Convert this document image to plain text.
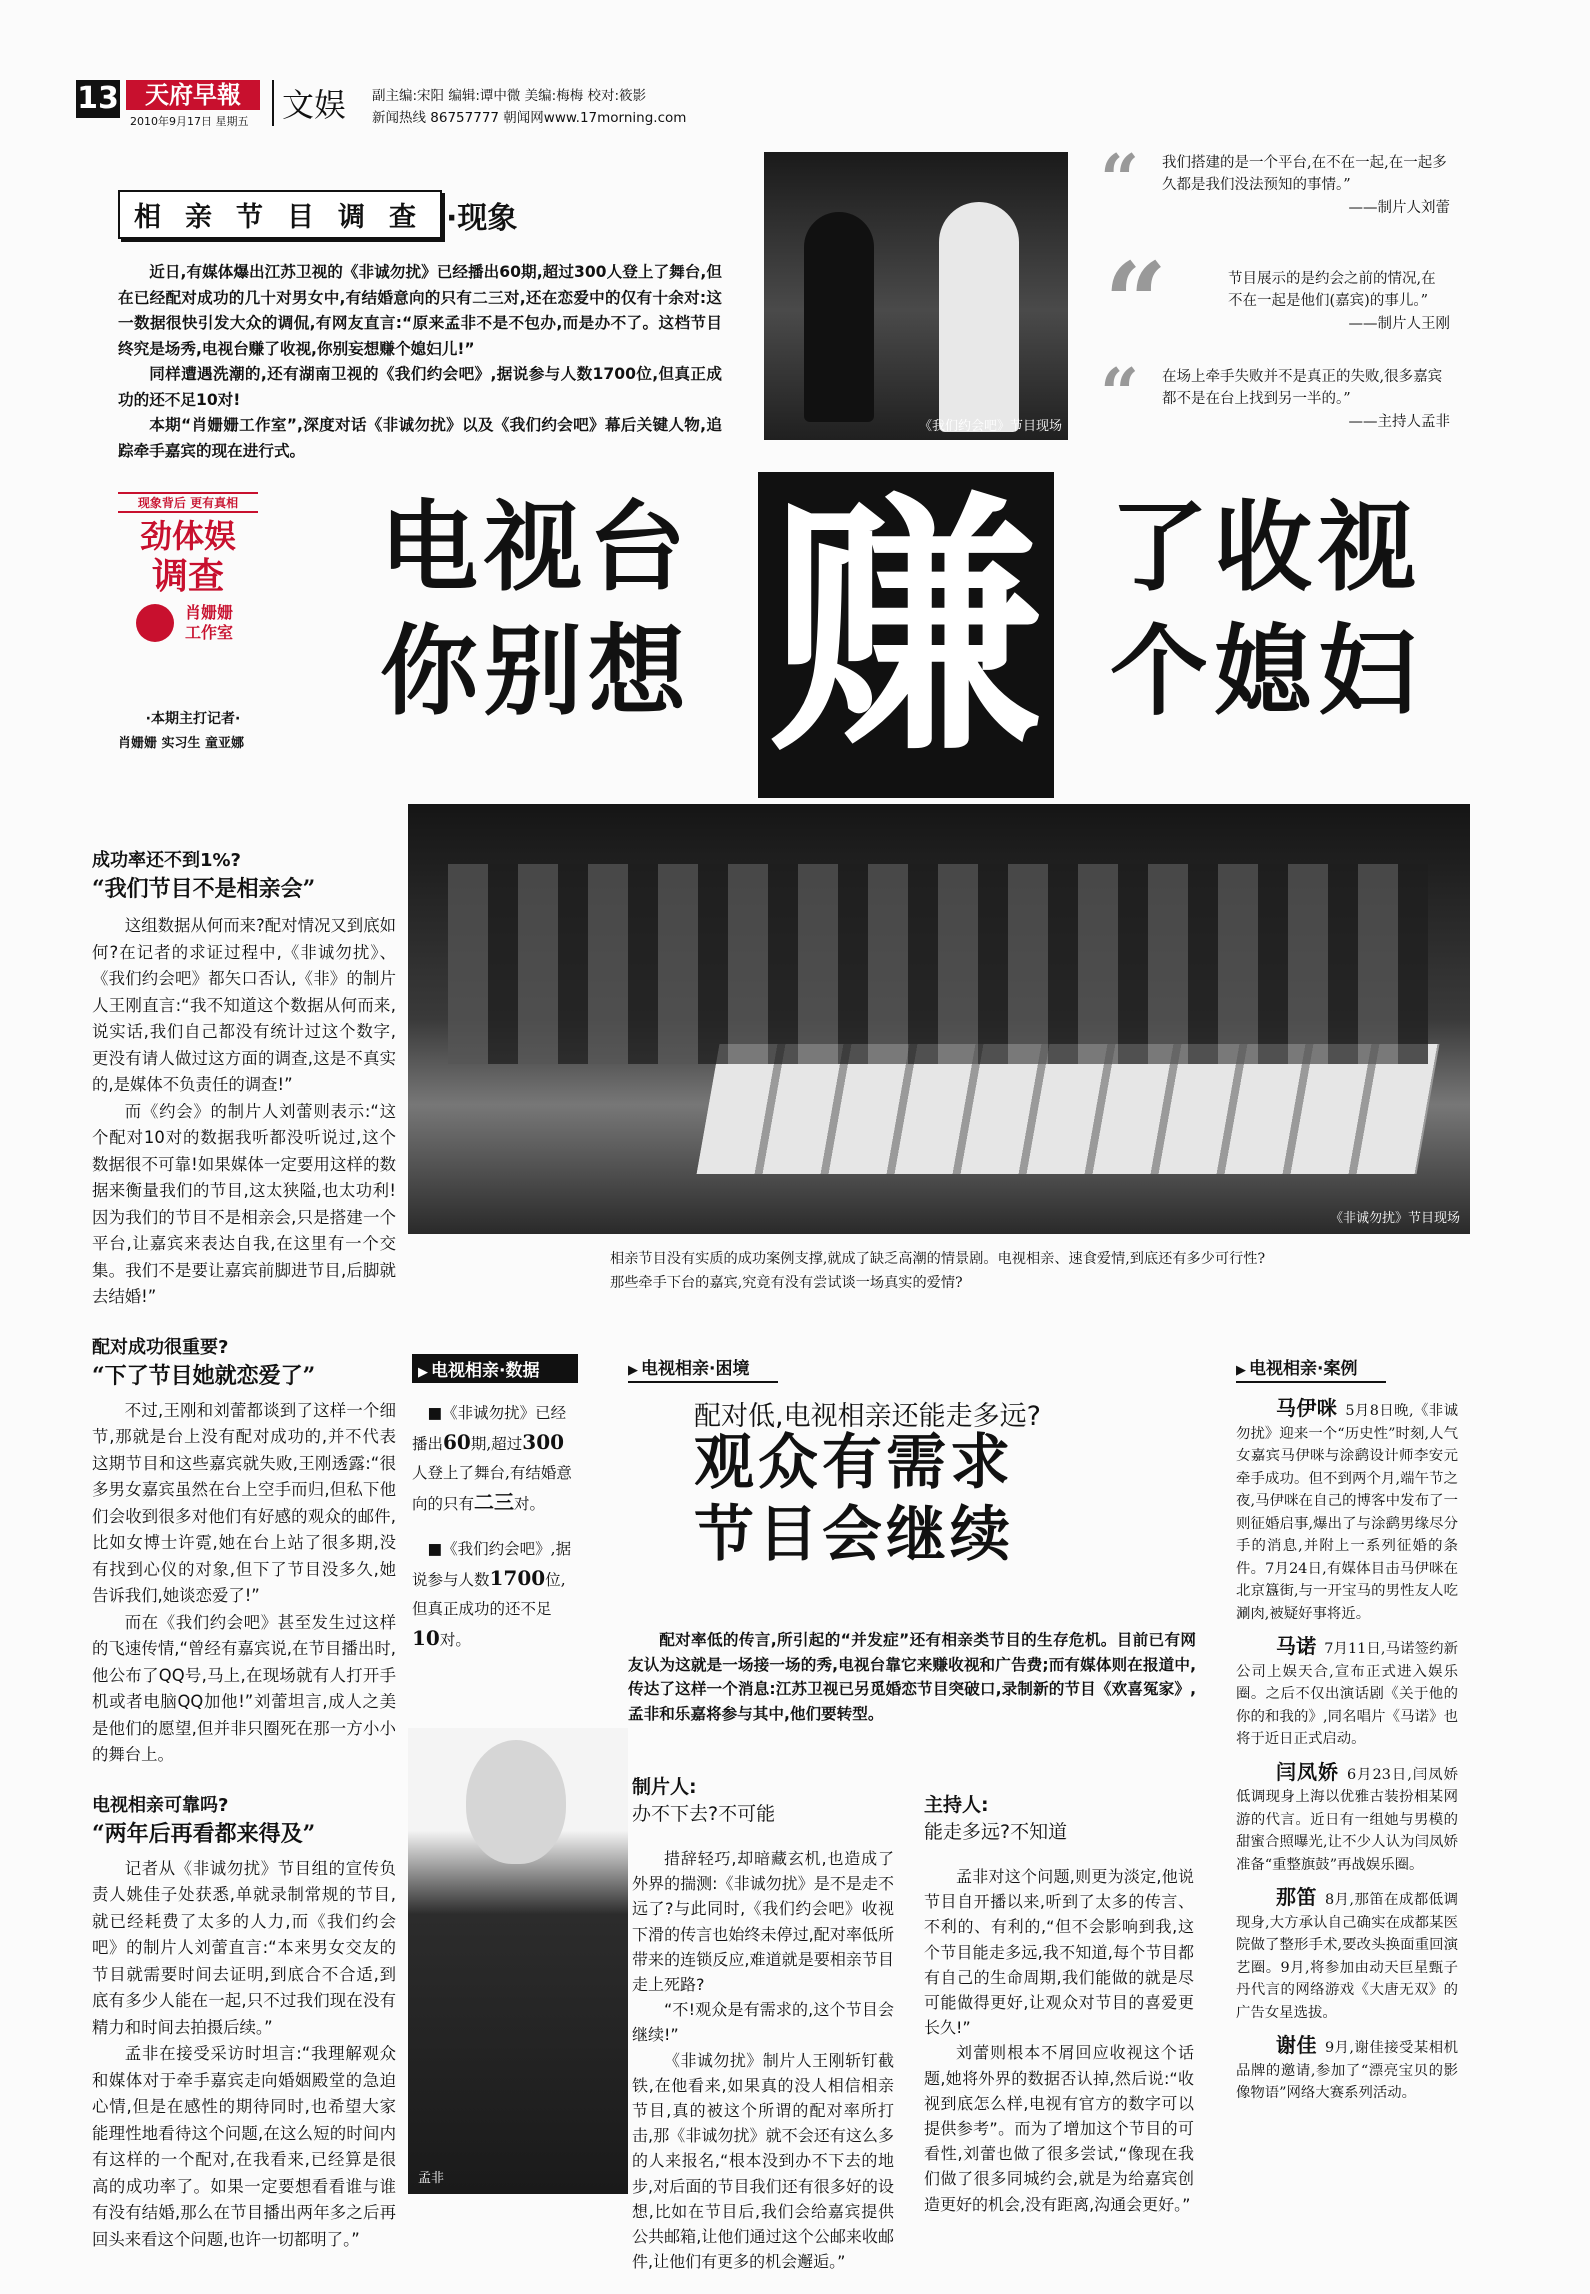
13	天府早報
2010年9月17日 星期五	文娱 副主编:宋阳 编辑:谭中微 美编:梅梅 校对:筱影
新闻热线 86757777 朝闻网www.17morning.com
相亲节目调查 ·现象

近日,有媒体爆出江苏卫视的《非诚勿扰》已经播出60期,超过300人登上了舞台,但在已经配对成功的几十对男女中,有结婚意向的只有二三对,还在恋爱中的仅有十余对:这一数据很快引发大众的调侃,有网友直言:“原来孟非不是不包办,而是办不了。这档节目终究是场秀,电视台赚了收视,你别妄想赚个媳妇儿!”

同样遭遇洗潮的,还有湖南卫视的《我们约会吧》,据说参与人数1700位,但真正成功的还不足10对!

本期“肖姗姗工作室”,深度对话《非诚勿扰》以及《我们约会吧》幕后关键人物,追踪牵手嘉宾的现在进行式。

《我们约会吧》节目现场
“ 我们搭建的是一个平台,在不在一起,在一起多久都是我们没法预知的事情。”
——制片人刘蕾
“	节目展示的是约会之前的情况,在不在一起是他们(嘉宾)的事儿。”
——制片人王刚
“ 在场上牵手失败并不是真正的失败,很多嘉宾都不是在台上找到另一半的。”
——主持人孟非
现象背后 更有真相
劲体娱
调查
肖姗姗工作室
·本期主打记者·
肖姗姗 实习生 童亚娜
电视台
你别想 赚 了收视
个媳妇
成功率还不到1%?
“我们节目不是相亲会”

这组数据从何而来?配对情况又到底如何?在记者的求证过程中,《非诚勿扰》、《我们约会吧》都矢口否认,《非》的制片人王刚直言:“我不知道这个数据从何而来,说实话,我们自己都没有统计过这个数字,更没有请人做过这方面的调查,这是不真实的,是媒体不负责任的调查!”

而《约会》的制片人刘蕾则表示:“这个配对10对的数据我听都没听说过,这个数据很不可靠!如果媒体一定要用这样的数据来衡量我们的节目,这太狭隘,也太功利!因为我们的节目不是相亲会,只是搭建一个平台,让嘉宾来表达自我,在这里有一个交集。我们不是要让嘉宾前脚进节目,后脚就去结婚!”

配对成功很重要?
“下了节目她就恋爱了”

不过,王刚和刘蕾都谈到了这样一个细节,那就是台上没有配对成功的,并不代表这期节目和这些嘉宾就失败,王刚透露:“很多男女嘉宾虽然在台上空手而归,但私下他们会收到很多对他们有好感的观众的邮件,比如女博士许霓,她在台上站了很多期,没有找到心仪的对象,但下了节目没多久,她告诉我们,她谈恋爱了!”

而在《我们约会吧》甚至发生过这样的飞速传情,“曾经有嘉宾说,在节目播出时,他公布了QQ号,马上,在现场就有人打开手机或者电脑QQ加他!”刘蕾坦言,成人之美是他们的愿望,但并非只圈死在那一方小小的舞台上。

电视相亲可靠吗?
“两年后再看都来得及”

记者从《非诚勿扰》节目组的宣传负责人姚佳子处获悉,单就录制常规的节目,就已经耗费了太多的人力,而《我们约会吧》的制片人刘蕾直言:“本来男女交友的节目就需要时间去证明,到底合不合适,到底有多少人能在一起,只不过我们现在没有精力和时间去拍摄后续。”

孟非在接受采访时坦言:“我理解观众和媒体对于牵手嘉宾走向婚姻殿堂的急迫心情,但是在感性的期待同时,也希望大家能理性地看待这个问题,在这么短的时间内有这样的一个配对,在我看来,已经算是很高的成功率了。如果一定要想看看谁与谁有没有结婚,那么在节目播出两年多之后再回头来看这个问题,也许一切都明了。”

《非诚勿扰》节目现场
相亲节目没有实质的成功案例支撑,就成了缺乏高潮的情景剧。电视相亲、速食爱情,到底还有多少可行性?那些牵手下台的嘉宾,究竟有没有尝试谈一场真实的爱情?
▶ 电视相亲·数据
■《非诚勿扰》已经播出60期,超过300人登上了舞台,有结婚意向的只有二三对。
■《我们约会吧》,据说参与人数1700位,但真正成功的还不足10对。
▶ 电视相亲·困境
配对低,电视相亲还能走多远?
观众有需求
节目会继续

配对率低的传言,所引起的“并发症”还有相亲类节目的生存危机。目前已有网友认为这就是一场接一场的秀,电视台靠它来赚收视和广告费;而有媒体则在报道中,传达了这样一个消息:江苏卫视已另觅婚恋节目突破口,录制新的节目《欢喜冤家》,孟非和乐嘉将参与其中,他们要转型。

孟非
制片人:
办不下去?不可能

措辞轻巧,却暗藏玄机,也造成了外界的揣测:《非诚勿扰》是不是走不远了?与此同时,《我们约会吧》收视下滑的传言也始终未停过,配对率低所带来的连锁反应,难道就是要相亲节目走上死路?

“不!观众是有需求的,这个节目会继续!”

《非诚勿扰》制片人王刚斩钉截铁,在他看来,如果真的没人相信相亲节目,真的被这个所谓的配对率所打击,那《非诚勿扰》就不会还有这么多的人来报名,“根本没到办不下去的地步,对后面的节目我们还有很多好的设想,比如在节目后,我们会给嘉宾提供公共邮箱,让他们通过这个公邮来收邮件,让他们有更多的机会邂逅。”

主持人:
能走多远?不知道

孟非对这个问题,则更为淡定,他说节目自开播以来,听到了太多的传言、不利的、有利的,“但不会影响到我,这个节目能走多远,我不知道,每个节目都有自己的生命周期,我们能做的就是尽可能做得更好,让观众对节目的喜爱更长久!”

刘蕾则根本不屑回应收视这个话题,她将外界的数据否认掉,然后说:“收视到底怎么样,电视有官方的数字可以提供参考”。而为了增加这个节目的可看性,刘蕾也做了很多尝试,“像现在我们做了很多同城约会,就是为给嘉宾创造更好的机会,没有距离,沟通会更好。”

▶ 电视相亲·案例
马伊咪 5月8日晚,《非诚勿扰》迎来一个“历史性”时刻,人气女嘉宾马伊咪与涂鹞设计师李安元牵手成功。但不到两个月,端午节之夜,马伊咪在自己的博客中发布了一则征婚启事,爆出了与涂鹞男缘尽分手的消息,并附上一系列征婚的条件。7月24日,有媒体目击马伊咪在北京簋街,与一开宝马的男性友人吃涮肉,被疑好事将近。
马诺 7月11日,马诺签约新公司上娱天合,宣布正式进入娱乐圈。之后不仅出演话剧《关于他的你的和我的》,同名唱片《马诺》也将于近日正式启动。
闫凤娇 6月23日,闫凤娇低调现身上海以优雅古装扮相某网游的代言。近日有一组她与男模的甜蜜合照曝光,让不少人认为闫凤娇准备“重整旗鼓”再战娱乐圈。
那笛 8月,那笛在成都低调现身,大方承认自己确实在成都某医院做了整形手术,要改头换面重回演艺圈。9月,将参加由动天巨星甄子丹代言的网络游戏《大唐无双》的广告女星选拔。
谢佳 9月,谢佳接受某相机品牌的邀请,参加了“漂亮宝贝的影像物语”网络大赛系列活动。
